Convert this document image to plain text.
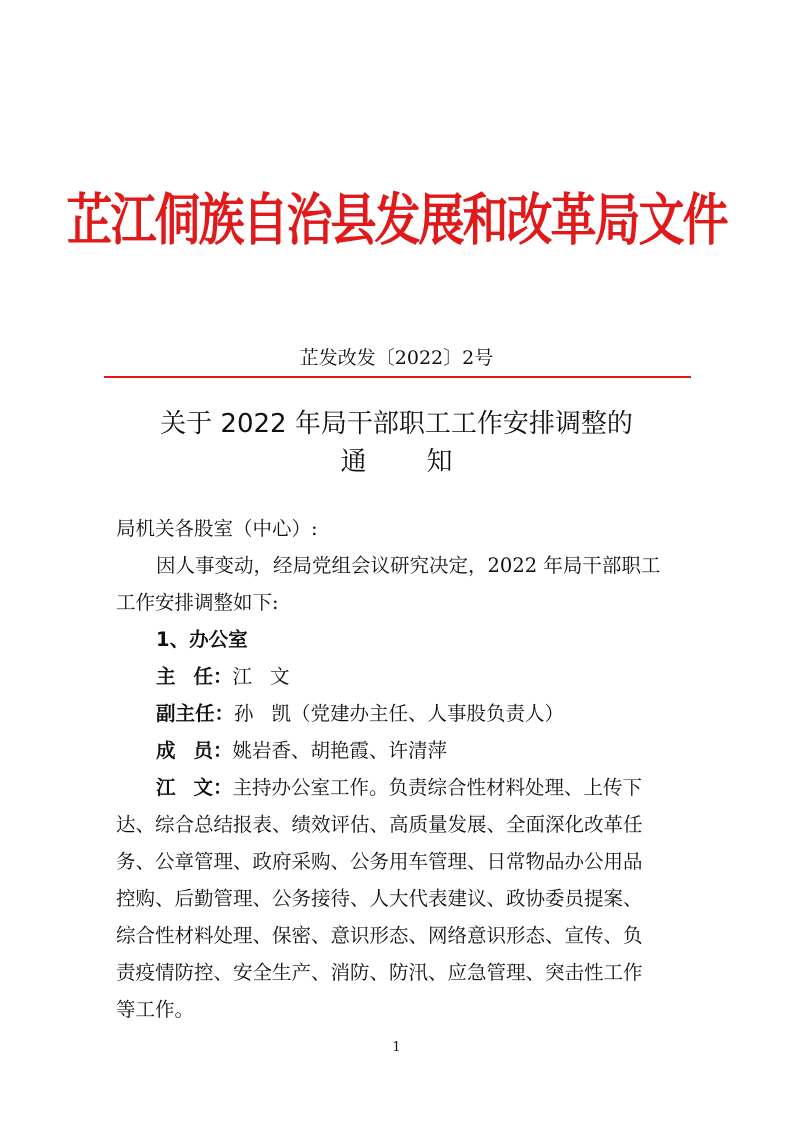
芷江侗族自治县发展和改革局文件
芷发改发〔2022〕2号
关于 2022 年局干部职工工作安排调整的
通知
局机关各股室（中心）:
因人事变动，经局党组会议研究决定，2022 年局干部职工
工作安排调整如下:
1、办公室
主 任：江 文
副主任：孙 凯（党建办主任、人事股负责人）
成 员：姚岩香、胡艳霞、许清萍
江 文：主持办公室工作。负责综合性材料处理、上传下
达、综合总结报表、绩效评估、高质量发展、全面深化改革任
务、公章管理、政府采购、公务用车管理、日常物品办公用品
控购、后勤管理、公务接待、人大代表建议、政协委员提案、
综合性材料处理、保密、意识形态、网络意识形态、宣传、负
责疫情防控、安全生产、消防、防汛、应急管理、突击性工作
等工作。
1
